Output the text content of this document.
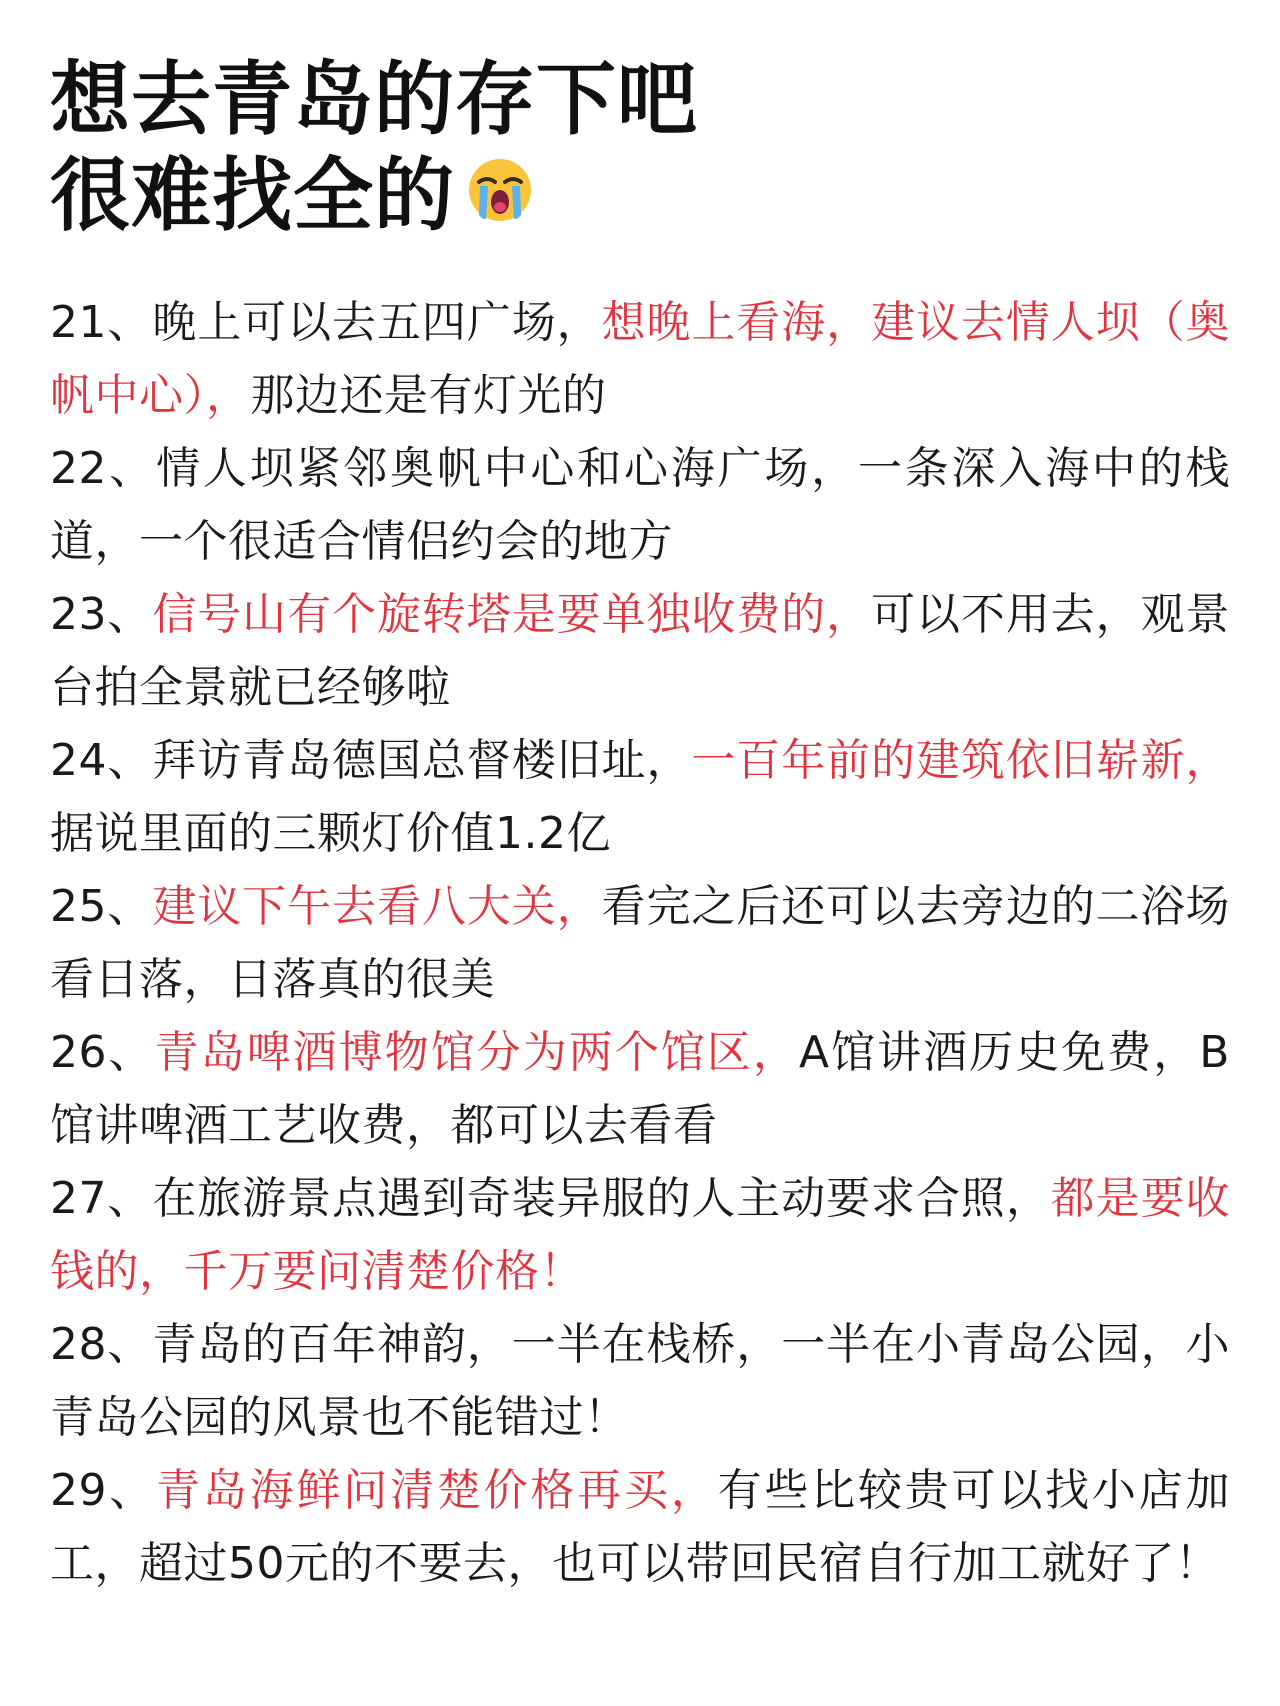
想去青岛的存下吧
很难找全的

21、晚上可以去五四广场，想晚上看海，建议去情人坝（奥帆中心），那边还是有灯光的

22、情人坝紧邻奥帆中心和心海广场，一条深入海中的栈道，一个很适合情侣约会的地方

23、信号山有个旋转塔是要单独收费的，可以不用去，观景台拍全景就已经够啦

24、拜访青岛德国总督楼旧址，一百年前的建筑依旧崭新，据说里面的三颗灯价值1.2亿

25、建议下午去看八大关，看完之后还可以去旁边的二浴场看日落，日落真的很美

26、青岛啤酒博物馆分为两个馆区，A馆讲酒历史免费，B馆讲啤酒工艺收费，都可以去看看

27、在旅游景点遇到奇装异服的人主动要求合照，都是要收钱的，千万要问清楚价格！

28、青岛的百年神韵，一半在栈桥，一半在小青岛公园，小青岛公园的风景也不能错过！

29、青岛海鲜问清楚价格再买，有些比较贵可以找小店加工，超过50元的不要去，也可以带回民宿自行加工就好了！
